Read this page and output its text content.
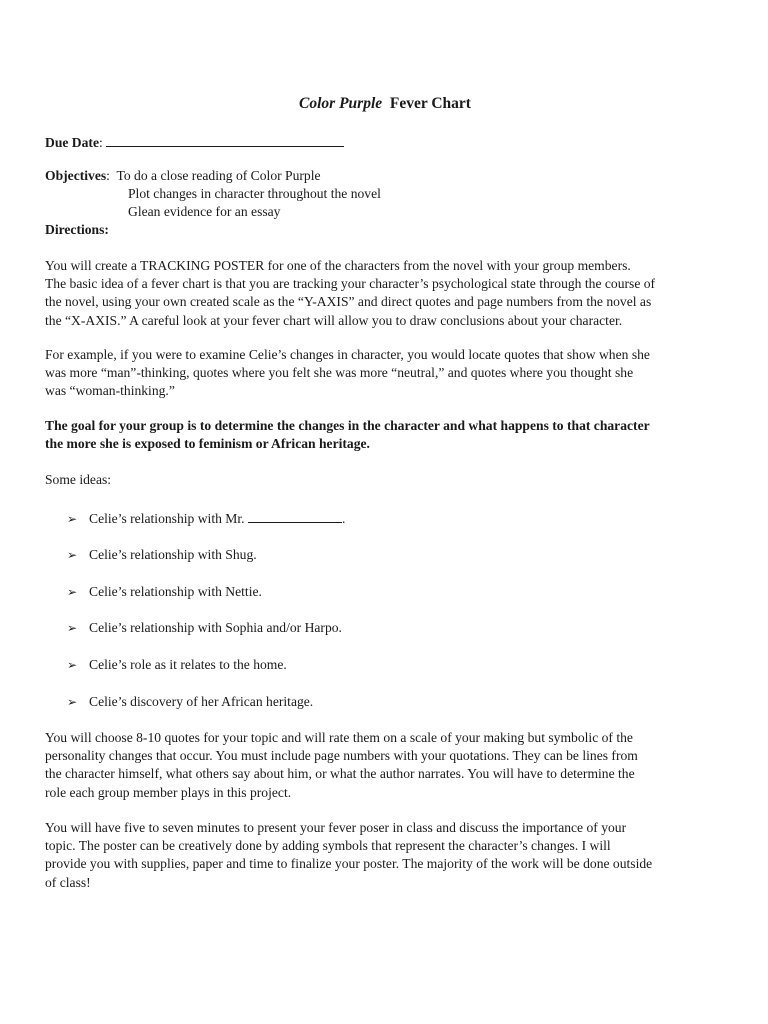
Color Purple Fever Chart
Due Date:
Objectives: To do a close reading of Color Purple
Plot changes in character throughout the novel
Glean evidence for an essay
Directions:
You will create a TRACKING POSTER for one of the characters from the novel with your group members.
The basic idea of a fever chart is that you are tracking your character’s psychological state through the course of
the novel, using your own created scale as the “Y-AXIS” and direct quotes and page numbers from the novel as
the “X-AXIS.” A careful look at your fever chart will allow you to draw conclusions about your character.
For example, if you were to examine Celie’s changes in character, you would locate quotes that show when she
was more “man”-thinking, quotes where you felt she was more “neutral,” and quotes where you thought she
was “woman-thinking.”
The goal for your group is to determine the changes in the character and what happens to that character
the more she is exposed to feminism or African heritage.
Some ideas:
➢ Celie’s relationship with Mr.	.
➢ Celie’s relationship with Shug.
➢ Celie’s relationship with Nettie.
➢ Celie’s relationship with Sophia and/or Harpo.
➢ Celie’s role as it relates to the home.
➢ Celie’s discovery of her African heritage.
You will choose 8-10 quotes for your topic and will rate them on a scale of your making but symbolic of the
personality changes that occur. You must include page numbers with your quotations. They can be lines from
the character himself, what others say about him, or what the author narrates. You will have to determine the
role each group member plays in this project.
You will have five to seven minutes to present your fever poser in class and discuss the importance of your
topic. The poster can be creatively done by adding symbols that represent the character’s changes. I will
provide you with supplies, paper and time to finalize your poster. The majority of the work will be done outside
of class!
